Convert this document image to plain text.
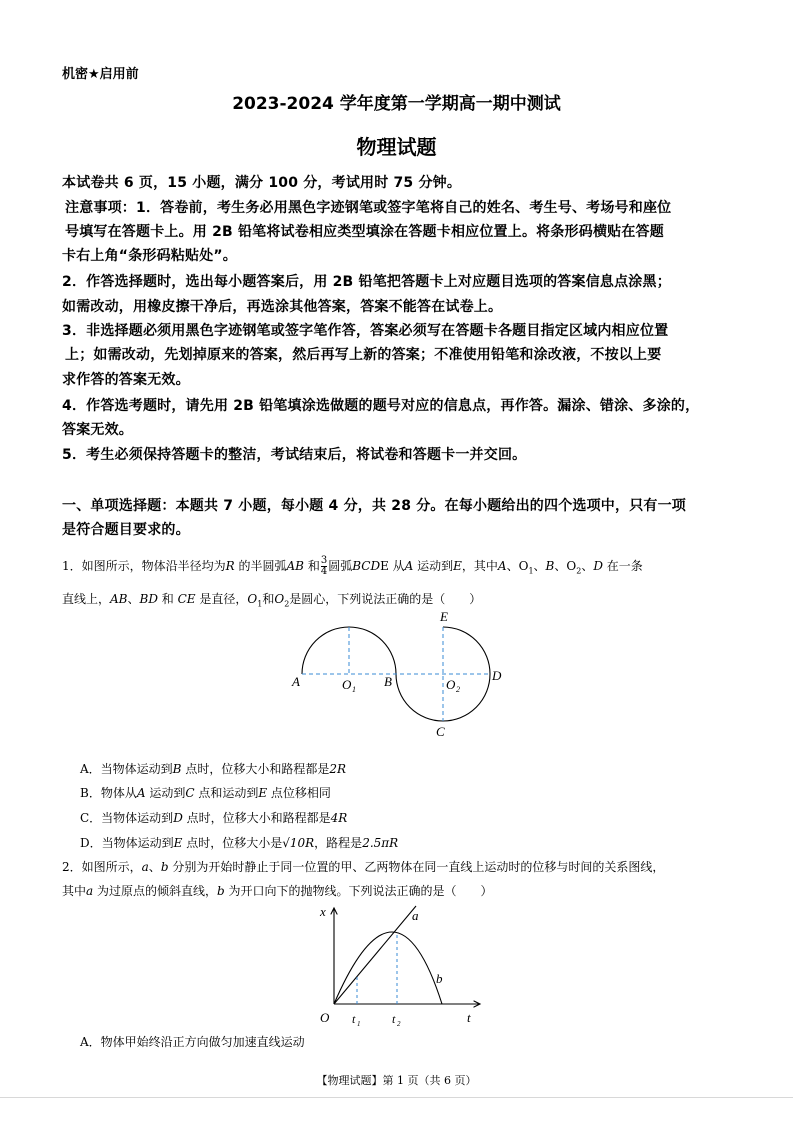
机密★启用前
2023-2024 学年度第一学期高一期中测试
物理试题
本试卷共 6 页，15 小题，满分 100 分，考试用时 75 分钟。
注意事项：1．答卷前，考生务必用黑色字迹钢笔或签字笔将自己的姓名、考生号、考场号和座位
号填写在答题卡上。用 2B 铅笔将试卷相应类型填涂在答题卡相应位置上。将条形码横贴在答题
卡右上角“条形码粘贴处”。
2．作答选择题时，选出每小题答案后，用 2B 铅笔把答题卡上对应题目选项的答案信息点涂黑；
如需改动，用橡皮擦干净后，再选涂其他答案，答案不能答在试卷上。
3．非选择题必须用黑色字迹钢笔或签字笔作答，答案必须写在答题卡各题目指定区域内相应位置
上；如需改动，先划掉原来的答案，然后再写上新的答案；不准使用铅笔和涂改液，不按以上要
求作答的答案无效。
4．作答选考题时，请先用 2B 铅笔填涂选做题的题号对应的信息点，再作答。漏涂、错涂、多涂的，
答案无效。
5．考生必须保持答题卡的整洁，考试结束后，将试卷和答题卡一并交回。
一、单项选择题：本题共 7 小题，每小题 4 分，共 28 分。在每小题给出的四个选项中，只有一项
是符合题目要求的。
1．如图所示，物体沿半径均为R 的半圆弧AB 和 $\frac{3}{4}$ 圆弧BCDE 从A 运动到E，其中A、$O_1$、B、$O_2$、D 在一条
直线上，AB、BD 和 CE 是直径，$O_1$和$O_2$是圆心，下列说法正确的是（　　）
A	O 1
B	O 2
D
E
C
A．当物体运动到B 点时，位移大小和路程都是2R
B．物体从A 运动到C 点和运动到E 点位移相同
C．当物体运动到D 点时，位移大小和路程都是4R
D．当物体运动到E 点时，位移大小是√10R，路程是2.5πR
2．如图所示，a、b 分别为开始时静止于同一位置的甲、乙两物体在同一直线上运动时的位移与时间的关系图线，
其中a 为过原点的倾斜直线，b 为开口向下的抛物线。下列说法正确的是（　　）
x
t
O
a
b
t 1	t 2
A．物体甲始终沿正方向做匀加速直线运动
【物理试题】第 1 页（共 6 页）
